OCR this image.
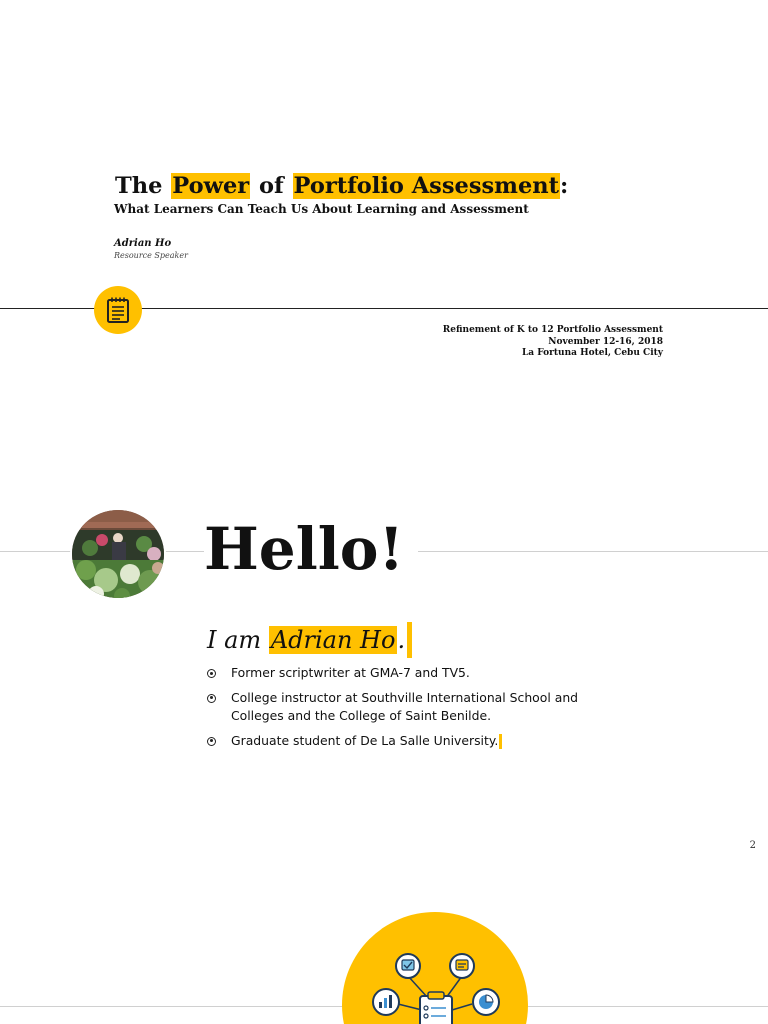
The Power of Portfolio Assessment:
What Learners Can Teach Us About Learning and Assessment
Adrian Ho
Resource Speaker
Refinement of K to 12 Portfolio Assessment
November 12-16, 2018
La Fortuna Hotel, Cebu City
Hello!
I am Adrian Ho.
Former scriptwriter at GMA-7 and TV5.
College instructor at Southville International School and Colleges and the College of Saint Benilde.
Graduate student of De La Salle University.
2
